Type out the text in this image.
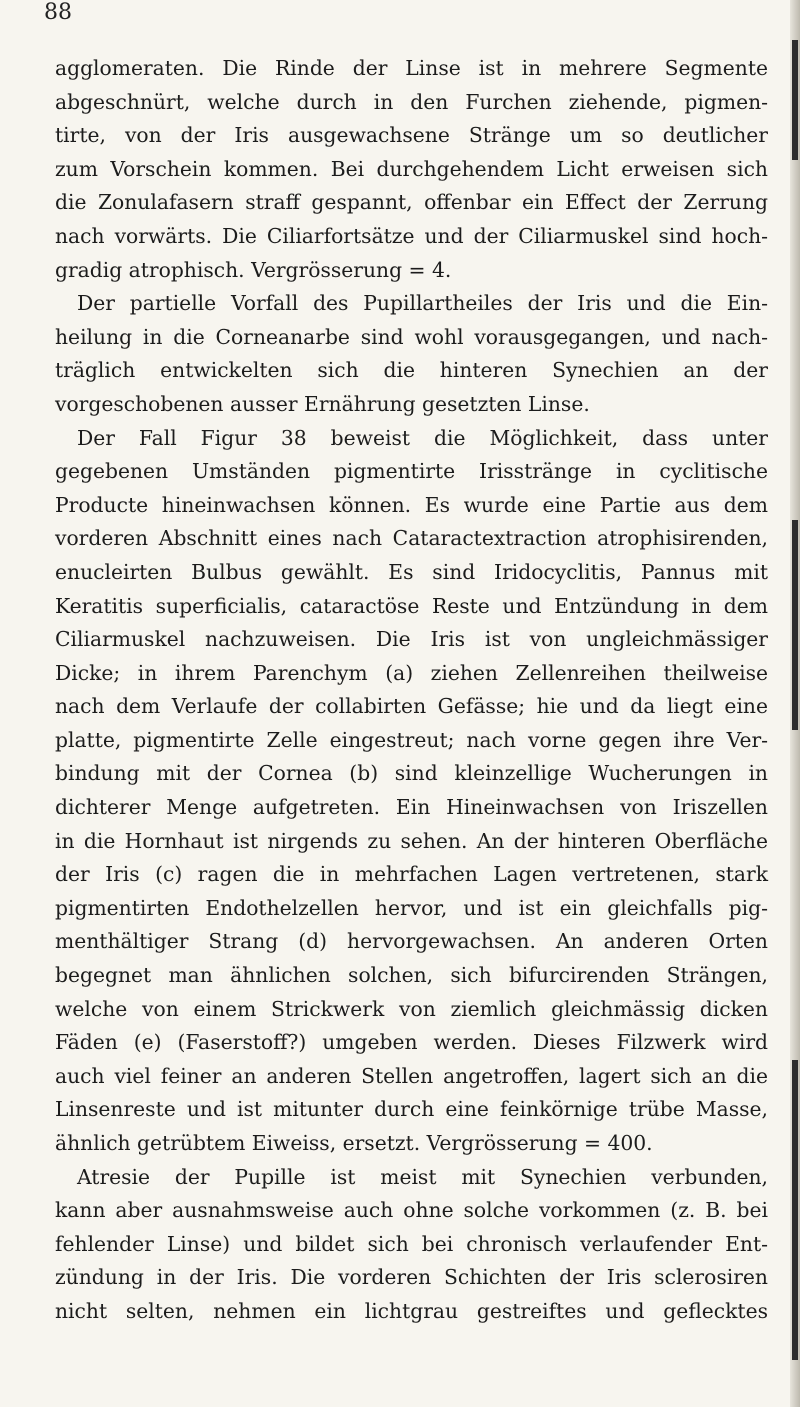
88
agglomeraten. Die Rinde der Linse ist in mehrere Segmente
abgeschnürt, welche durch in den Furchen ziehende, pigmen-
tirte, von der Iris ausgewachsene Stränge um so deutlicher
zum Vorschein kommen. Bei durchgehendem Licht erweisen sich
die Zonulafasern straff gespannt, offenbar ein Effect der Zerrung
nach vorwärts. Die Ciliarfortsätze und der Ciliarmuskel sind hoch-
gradig atrophisch. Vergrösserung = 4.
Der partielle Vorfall des Pupillartheiles der Iris und die Ein-
heilung in die Corneanarbe sind wohl vorausgegangen, und nach-
träglich entwickelten sich die hinteren Synechien an der
vorgeschobenen ausser Ernährung gesetzten Linse.
Der Fall Figur 38 beweist die Möglichkeit, dass unter
gegebenen Umständen pigmentirte Irisstränge in cyclitische
Producte hineinwachsen können. Es wurde eine Partie aus dem
vorderen Abschnitt eines nach Cataractextraction atrophisirenden,
enucleirten Bulbus gewählt. Es sind Iridocyclitis, Pannus mit
Keratitis superficialis, cataractöse Reste und Entzündung in dem
Ciliarmuskel nachzuweisen. Die Iris ist von ungleichmässiger
Dicke; in ihrem Parenchym (a) ziehen Zellenreihen theilweise
nach dem Verlaufe der collabirten Gefässe; hie und da liegt eine
platte, pigmentirte Zelle eingestreut; nach vorne gegen ihre Ver-
bindung mit der Cornea (b) sind kleinzellige Wucherungen in
dichterer Menge aufgetreten. Ein Hineinwachsen von Iriszellen
in die Hornhaut ist nirgends zu sehen. An der hinteren Oberfläche
der Iris (c) ragen die in mehrfachen Lagen vertretenen, stark
pigmentirten Endothelzellen hervor, und ist ein gleichfalls pig-
menthältiger Strang (d) hervorgewachsen. An anderen Orten
begegnet man ähnlichen solchen, sich bifurcirenden Strängen,
welche von einem Strickwerk von ziemlich gleichmässig dicken
Fäden (e) (Faserstoff?) umgeben werden. Dieses Filzwerk wird
auch viel feiner an anderen Stellen angetroffen, lagert sich an die
Linsenreste und ist mitunter durch eine feinkörnige trübe Masse,
ähnlich getrübtem Eiweiss, ersetzt. Vergrösserung = 400.
Atresie der Pupille ist meist mit Synechien verbunden,
kann aber ausnahmsweise auch ohne solche vorkommen (z. B. bei
fehlender Linse) und bildet sich bei chronisch verlaufender Ent-
zündung in der Iris. Die vorderen Schichten der Iris sclerosiren
nicht selten, nehmen ein lichtgrau gestreiftes und geflecktes
